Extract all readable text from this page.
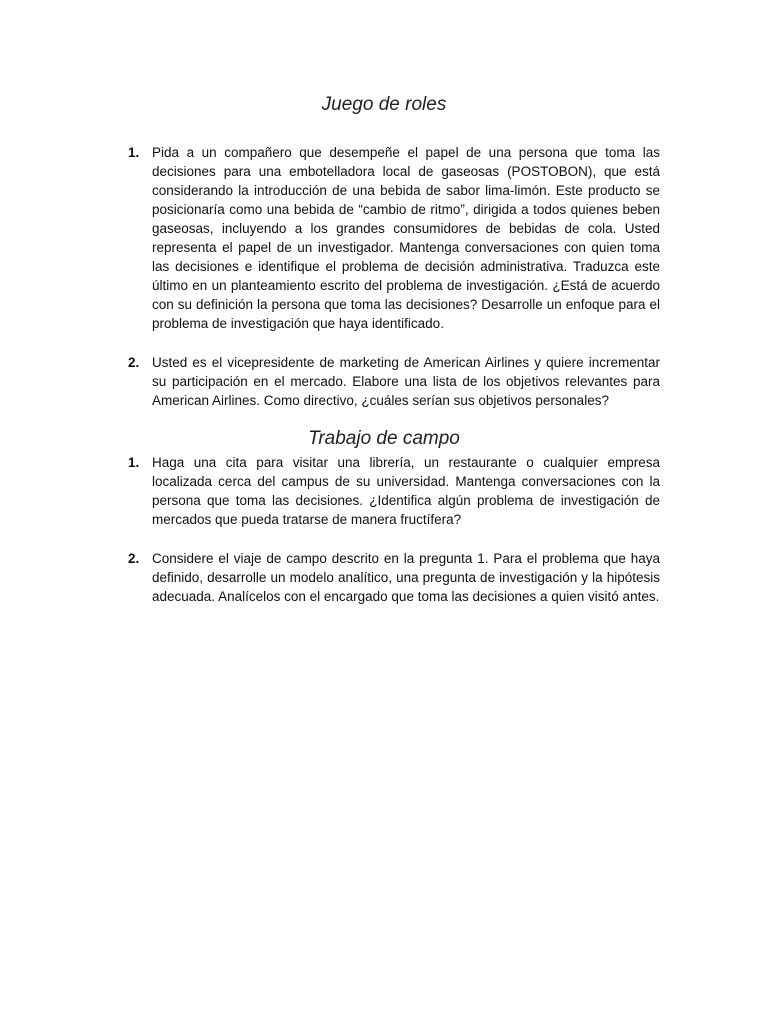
Juego de roles
1. Pida a un compañero que desempeñe el papel de una persona que toma las decisiones para una embotelladora local de gaseosas (POSTOBON), que está considerando la introducción de una bebida de sabor lima-limón. Este producto se posicionaría como una bebida de “cambio de ritmo”, dirigida a todos quienes beben gaseosas, incluyendo a los grandes consumidores de bebidas de cola. Usted representa el papel de un investigador. Mantenga conversaciones con quien toma las decisiones e identifique el problema de decisión administrativa. Traduzca este último en un planteamiento escrito del problema de investigación. ¿Está de acuerdo con su definición la persona que toma las decisiones? Desarrolle un enfoque para el problema de investigación que haya identificado.
2. Usted es el vicepresidente de marketing de American Airlines y quiere incrementar su participación en el mercado. Elabore una lista de los objetivos relevantes para American Airlines. Como directivo, ¿cuáles serían sus objetivos personales?
Trabajo de campo
1. Haga una cita para visitar una librería, un restaurante o cualquier empresa localizada cerca del campus de su universidad. Mantenga conversaciones con la persona que toma las decisiones. ¿Identifica algún problema de investigación de mercados que pueda tratarse de manera fructífera?
2. Considere el viaje de campo descrito en la pregunta 1. Para el problema que haya definido, desarrolle un modelo analítico, una pregunta de investigación y la hipótesis adecuada. Analícelos con el encargado que toma las decisiones a quien visitó antes.
